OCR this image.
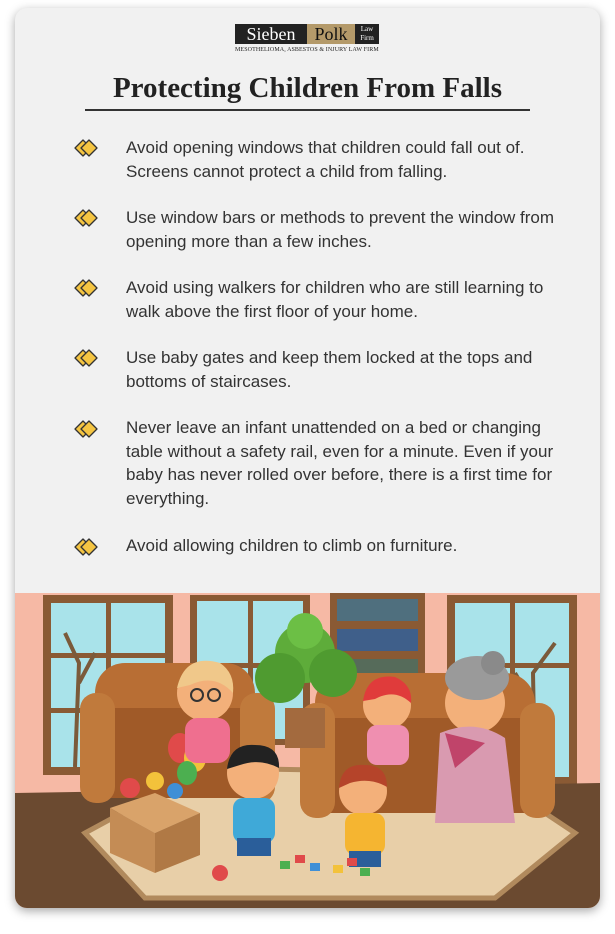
Sieben	Polk	Law
Firm
MESOTHELIOMA, ASBESTOS & INJURY LAW FIRM
Protecting Children From Falls
Avoid opening windows that children could fall out of. Screens cannot protect a child from falling.
Use window bars or methods to prevent the window from opening more than a few inches.
Avoid using walkers for children who are still learning to walk above the first floor of your home.
Use baby gates and keep them locked at the tops and bottoms of staircases.
Never leave an infant unattended on a bed or changing table without a safety rail, even for a minute. Even if your baby has never rolled over before, there is a first time for everything.
Avoid allowing children to climb on furniture.
